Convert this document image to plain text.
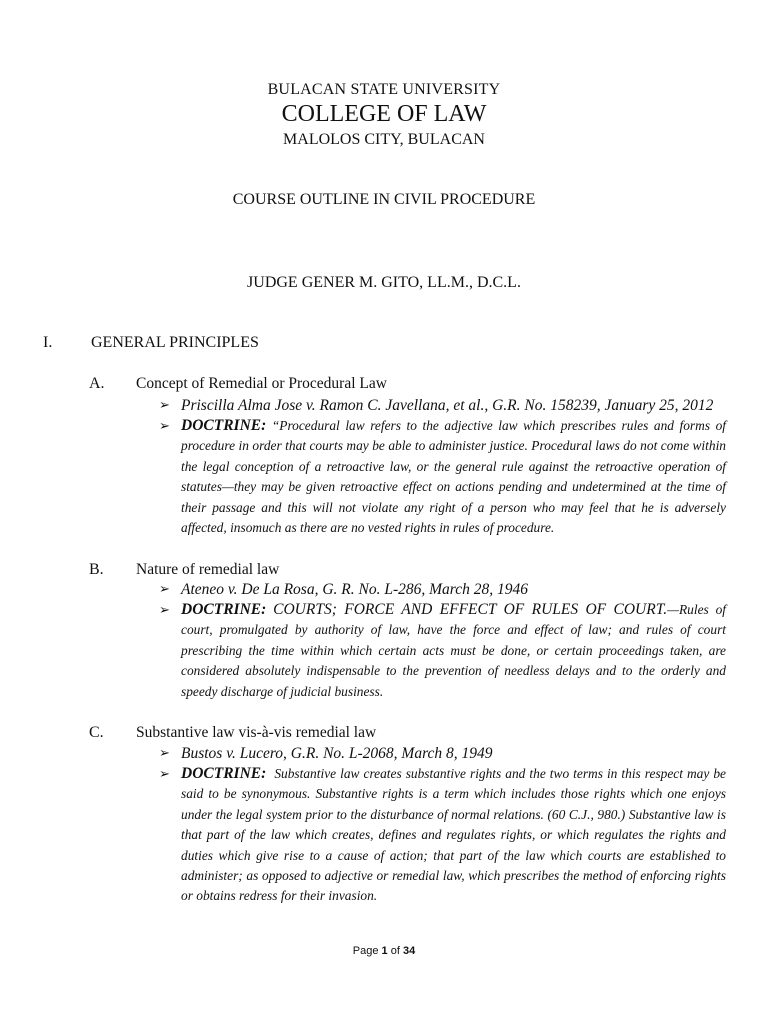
BULACAN STATE UNIVERSITY
COLLEGE OF LAW
MALOLOS CITY, BULACAN
COURSE OUTLINE IN CIVIL PROCEDURE
JUDGE GENER M. GITO, LL.M., D.C.L.
I. GENERAL PRINCIPLES
A. Concept of Remedial or Procedural Law
➢ Priscilla Alma Jose v. Ramon C. Javellana, et al., G.R. No. 158239, January 25, 2012
➢ DOCTRINE: “Procedural law refers to the adjective law which prescribes rules and forms of procedure in order that courts may be able to administer justice. Procedural laws do not come within the legal conception of a retroactive law, or the general rule against the retroactive operation of statutes—they may be given retroactive effect on actions pending and undetermined at the time of their passage and this will not violate any right of a person who may feel that he is adversely affected, insomuch as there are no vested rights in rules of procedure.
B. Nature of remedial law
➢ Ateneo v. De La Rosa, G. R. No. L-286, March 28, 1946
➢ DOCTRINE: COURTS; FORCE AND EFFECT OF RULES OF COURT.—Rules of court, promulgated by authority of law, have the force and effect of law; and rules of court prescribing the time within which certain acts must be done, or certain proceedings taken, are considered absolutely indispensable to the prevention of needless delays and to the orderly and speedy discharge of judicial business.
C. Substantive law vis-à-vis remedial law
➢ Bustos v. Lucero, G.R. No. L-2068, March 8, 1949
➢ DOCTRINE: Substantive law creates substantive rights and the two terms in this respect may be said to be synonymous. Substantive rights is a term which includes those rights which one enjoys under the legal system prior to the disturbance of normal relations. (60 C.J., 980.) Substantive law is that part of the law which creates, defines and regulates rights, or which regulates the rights and duties which give rise to a cause of action; that part of the law which courts are established to administer; as opposed to adjective or remedial law, which prescribes the method of enforcing rights or obtains redress for their invasion.
Page 1 of 34
